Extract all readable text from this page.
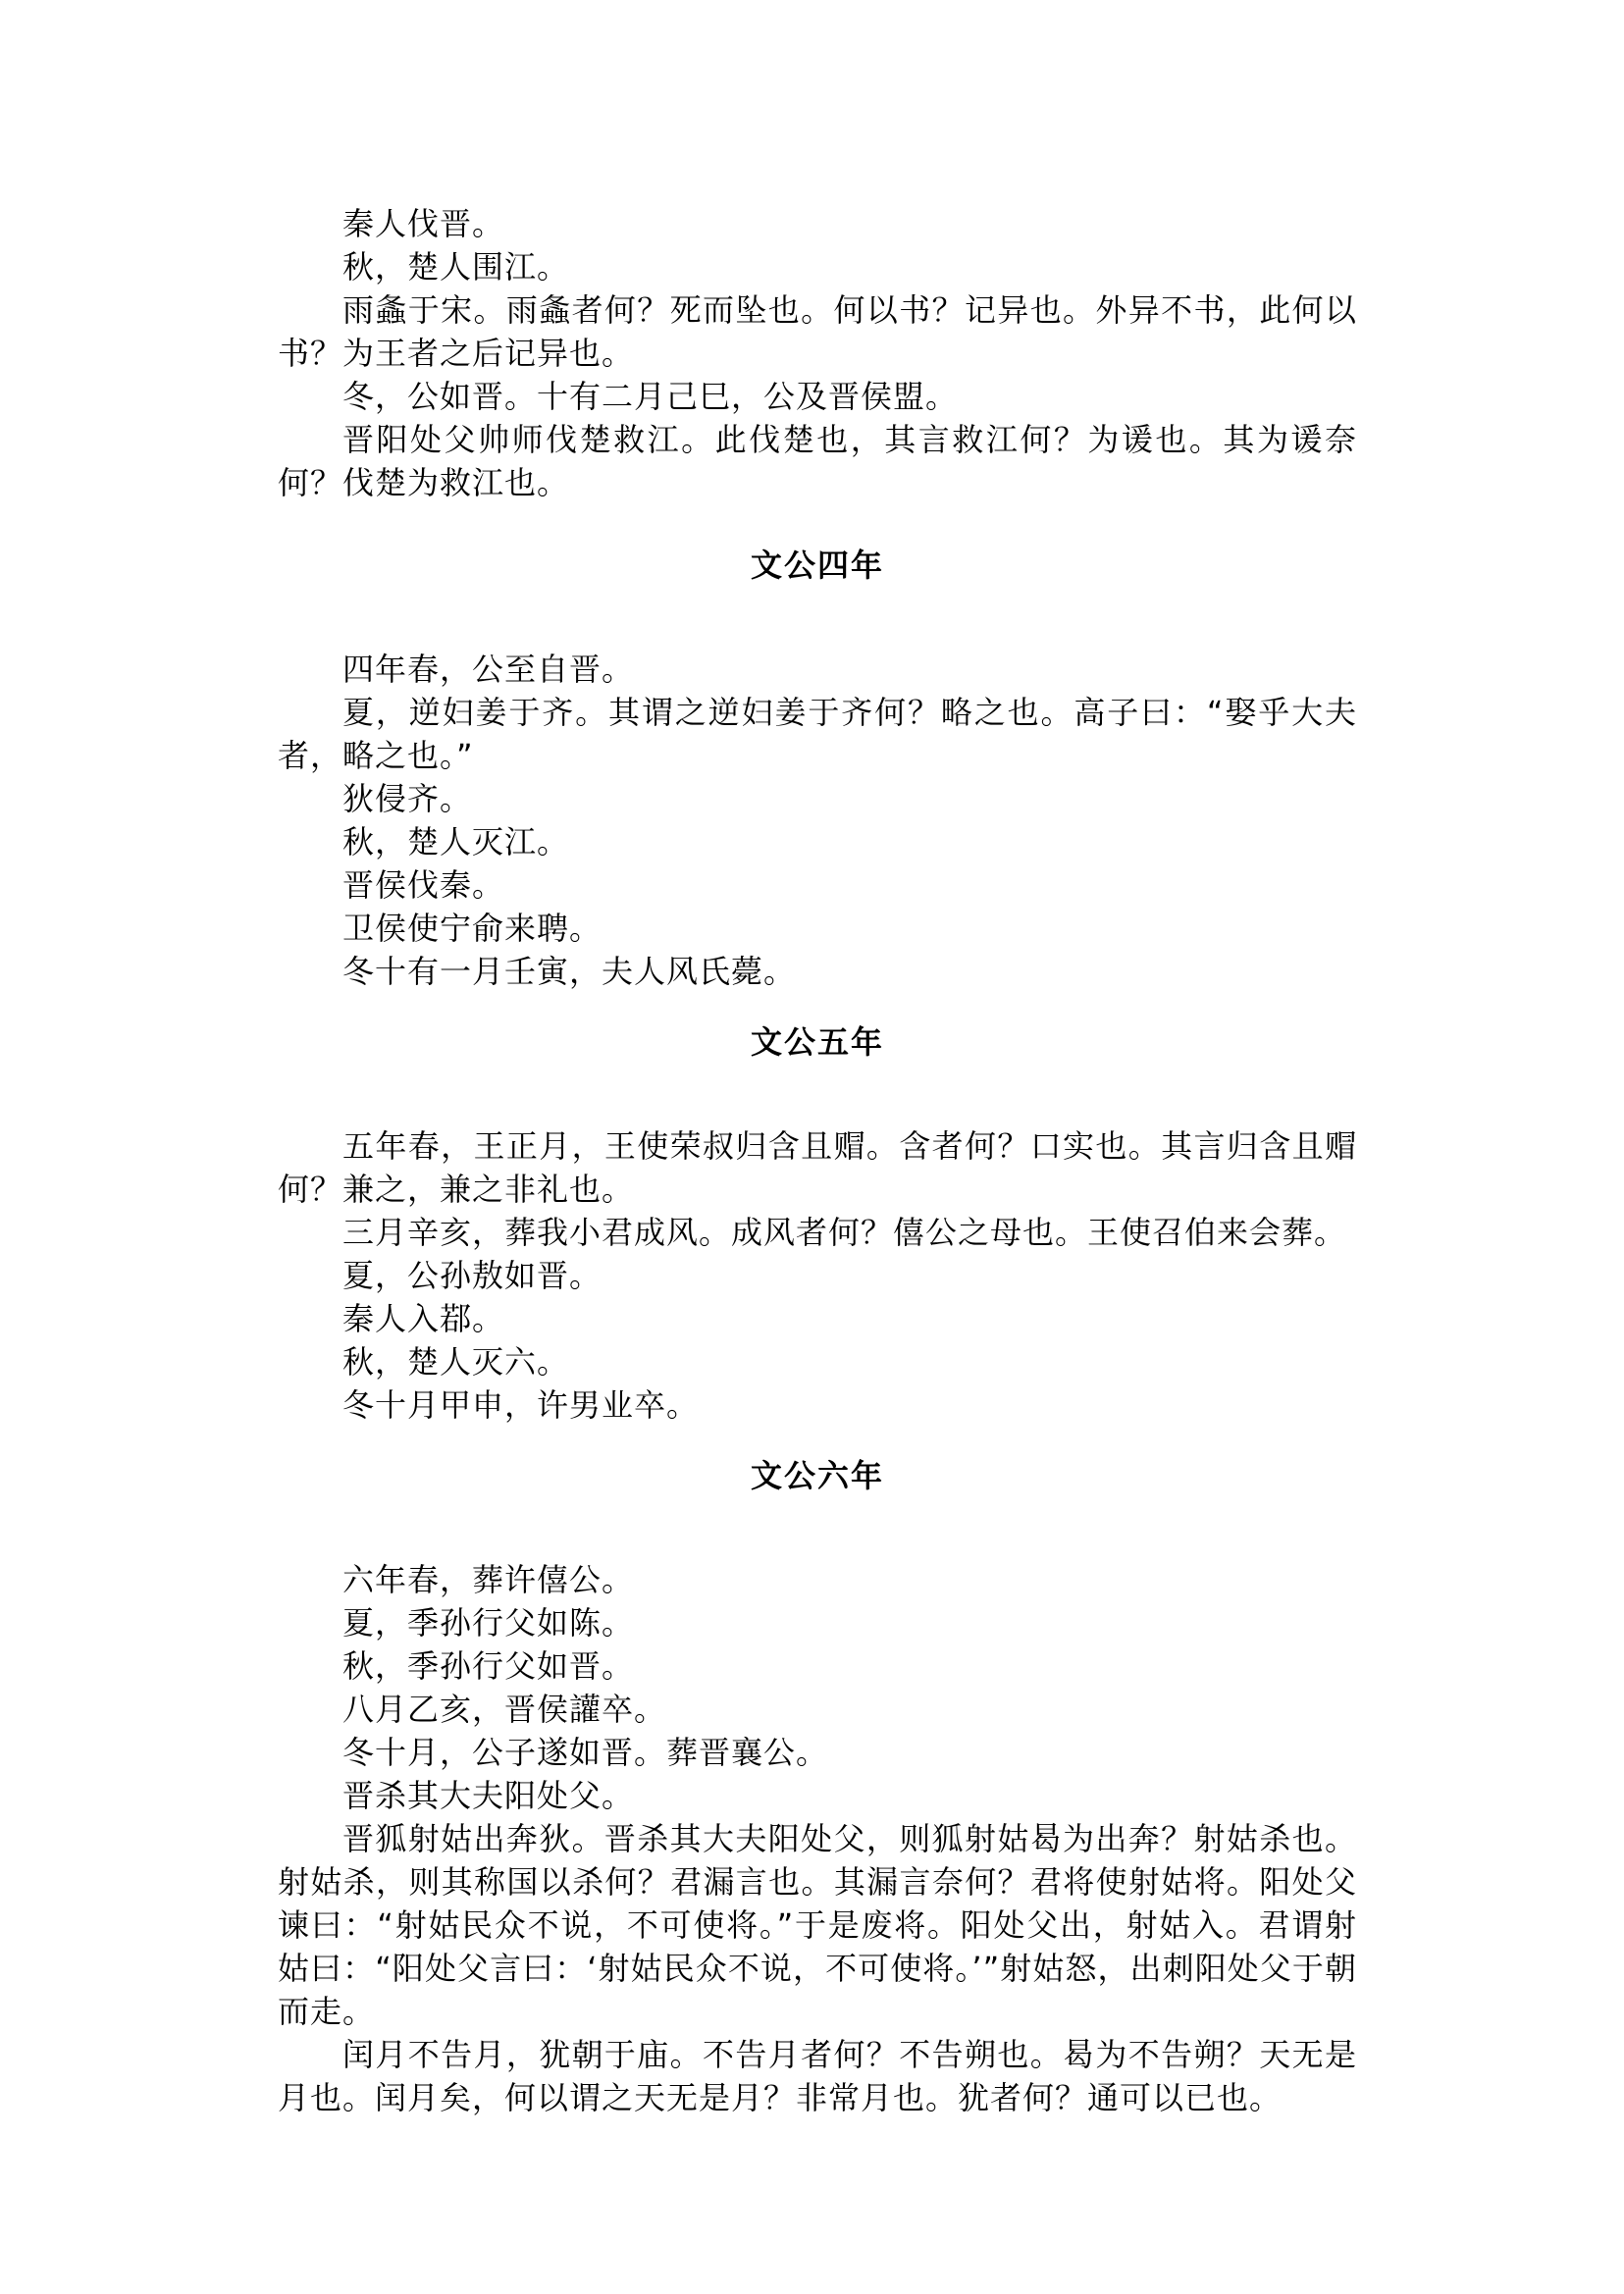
秦人伐晋。

秋，楚人围江。

雨螽于宋。雨螽者何？死而坠也。何以书？记异也。外异不书，此何以书？为王者之后记异也。

冬，公如晋。十有二月己巳，公及晋侯盟。

晋阳处父帅师伐楚救江。此伐楚也，其言救江何？为谖也。其为谖奈何？伐楚为救江也。

文公四年

四年春，公至自晋。

夏，逆妇姜于齐。其谓之逆妇姜于齐何？略之也。高子曰：“娶乎大夫者，略之也。”

狄侵齐。

秋，楚人灭江。

晋侯伐秦。

卫侯使宁俞来聘。

冬十有一月壬寅，夫人风氏薨。

文公五年

五年春，王正月，王使荣叔归含且赗。含者何？口实也。其言归含且赗何？兼之，兼之非礼也。

三月辛亥，葬我小君成风。成风者何？僖公之母也。王使召伯来会葬。

夏，公孙敖如晋。

秦人入鄀。

秋，楚人灭六。

冬十月甲申，许男业卒。

文公六年

六年春，葬许僖公。

夏，季孙行父如陈。

秋，季孙行父如晋。

八月乙亥，晋侯讙卒。

冬十月，公子遂如晋。葬晋襄公。

晋杀其大夫阳处父。

晋狐射姑出奔狄。晋杀其大夫阳处父，则狐射姑曷为出奔？射姑杀也。射姑杀，则其称国以杀何？君漏言也。其漏言奈何？君将使射姑将。阳处父谏曰：“射姑民众不说，不可使将。”于是废将。阳处父出，射姑入。君谓射姑曰：“阳处父言曰：‘射姑民众不说，不可使将。’”射姑怒，出刺阳处父于朝而走。

闰月不告月，犹朝于庙。不告月者何？不告朔也。曷为不告朔？天无是月也。闰月矣，何以谓之天无是月？非常月也。犹者何？通可以已也。
